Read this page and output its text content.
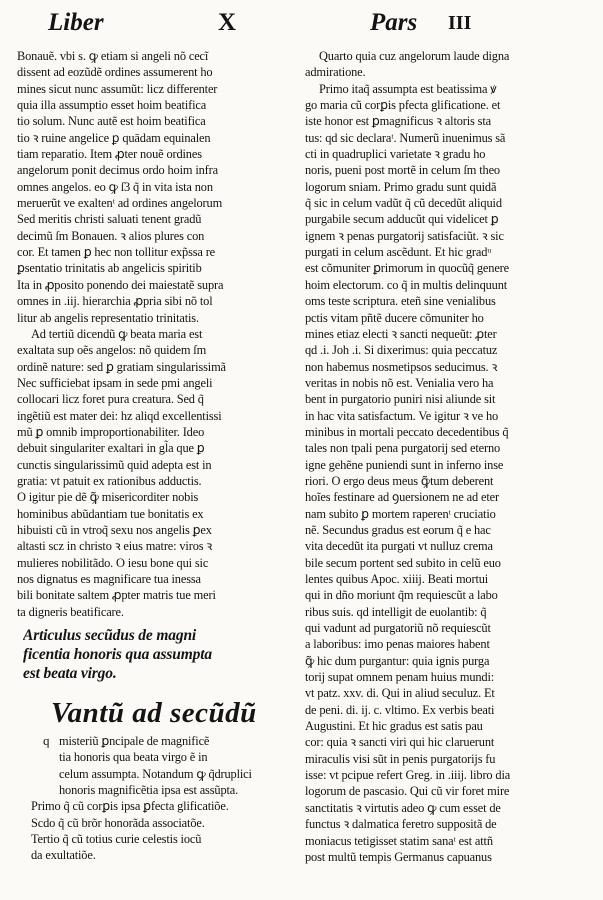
Liber	X	Pars III
Bonauẽ. vbi s. ꝙ etiam si angeli nõ cecĩ
dissent ad eozũdẽ ordines assumerent ho
mines sicut nunc assumũt: licz differenter
quia illa assumptio esset hoim beatifica
tio solum. Nunc autẽ est hoim beatifica
tio ꝛ ruine angelice ꝑ quādam equinalen
tiam reparatio. Item ꝓter nouẽ ordines
angelorum ponit decimus ordo hoim infra
omnes angelos. eo ꝙ ſ3 q̃ in vita ista non
meruerũt ve exaltenᵗ ad ordines angelorum
Sed meritis christi saluati tenent gradũ
decimũ ſm Bonauen. ꝛ alios plures con
cor. Et tamen ꝑ hec non tollitur exp̃ssa re
ꝑsentatio trinitatis ab angelicis spiritib
Ita in ꝓposito ponendo dei maiestatẽ supra
omnes in .iij. hierarchia ꝓpria sibi nõ tol
litur ab angelis representatio trinitatis.
Ad tertiũ dicendũ ꝙ beata maria est
exaltata sup oẽs angelos: nõ quidem ſm
ordinẽ nature: sed ꝑ gratiam singularissimã
Nec sufficiebat ipsam in sede pmi angeli
collocari licz foret pura creatura. Sed q̃
ingẽtiũ est mater dei: hz aliqd excellentissi
mũ ꝑ omnib improportionabiliter. Ideo
debuit singulariter exaltari in gl̃a que ꝑ
cunctis singularissimũ quid adepta est in
gratia: vt patuit ex rationibus adductis.
O igitur pie dẽ ꝙ̃ misericorditer nobis
hominibus abũdantiam tue bonitatis ex
hibuisti cũ in vtroq̃ sexu nos angelis ꝑex
altasti scz in christo ꝛ eius matre: viros ꝛ
mulieres nobilitãdo. O iesu bone qui sic
nos dignatus es magnificare tua inessa
bili bonitate saltem ꝓpter matris tue meri
ta digneris beatificare.
Articulus secũdus de magni
ficentia honoris qua assumpta
est beata virgo.
Vantũ ad secũdũ
q misteriũ ꝑncipale de magnificẽ
tia honoris qua beata virgo ẽ in
celum assumpta. Notandum ꝙ q̃druplici
honoris magnificẽtia ipsa est assũpta.
Primo q̃ cũ corꝑis ipsa ꝑfecta glificatiõe.
Scdo q̃ cũ brõr honorãda associatõe.
Tertio q̃ cũ totius curie celestis iocũ
da exultatiõe.
Quarto quia cuz angelorum laude digna
admiratione.
Primo itaq̃ assumpta est beatissima ꝟ
go maria cũ corꝑis pfecta glificatione. et
iste honor est ꝑmagnificus ꝛ altoris sta
tus: qd sic declaraᵗ. Numerũ inuenimus sã
cti in quadruplici varietate ꝛ gradu ho
noris, pueni post mortẽ in celum ſm theo
logorum sniam. Primo gradu sunt quidã
q̃ sic in celum vadũt q̃ cũ decedũt aliquid
purgabile secum adducũt qui videlicet ꝑ
ignem ꝛ penas purgatorij satisfaciũt. ꝛ sic
purgati in celum ascẽdunt. Et hic gradᵘ
est cõmuniter ꝑrimorum in quocũq̃ genere
hoim electorum. co q̃ in multis delinquunt
oms teste scriptura. eteñ sine venialibus
pctis vitam pñtẽ ducere cõmuniter ho
mines etiaz electi ꝛ sancti nequeũt: ꝓter
qd .i. Joh .i. Si dixerimus: quia peccatuz
non habemus nosmetipsos seducimus. ꝛ
veritas in nobis nõ est. Venialia vero ha
bent in purgatorio puniri nisi aliunde sit
in hac vita satisfactum. Ve igitur ꝛ ve ho
minibus in mortali peccato decedentibus q̃
tales non tpali pena purgatorij sed eterno
igne gehẽne puniendi sunt in inferno inse
riori. O ergo deus meus ꝙ̃tum deberent
hoĩes festinare ad ꝯuersionem ne ad eter
nam subito ꝑ mortem raperenᵗ cruciatio
nẽ. Secundus gradus est eorum q̃ e hac
vita decedũt ita purgati vt nulluz crema
bile secum portent sed subito in celũ euo
lentes quibus Apoc. xiiij. Beati mortui
qui in dño moriunt q̃m requiescũt a labo
ribus suis. qd intelligit de euolantib: q̃
qui vadunt ad purgatoriũ nõ requiescũt
a laboribus: imo penas maiores habent
ꝙ̃ hic dum purgantur: quia ignis purga
torij supat omnem penam huius mundi:
vt patz. xxv. di. Qui in aliud seculuz. Et
de peni. di. ij. c. vltimo. Ex verbis beati
Augustini. Et hic gradus est satis pau
cor: quia ꝛ sancti viri qui hic claruerunt
miraculis visi sũt in penis purgatorijs fu
isse: vt pcipue refert Greg. in .iiij. libro dia
logorum de pascasio. Qui cũ vir foret mire
sanctitatis ꝛ virtutis adeo ꝙ cum esset de
functus ꝛ dalmatica feretro suppositã de
moniacus tetigisset statim sanaᵗ est attñ
post multũ tempis Germanus capuanus
